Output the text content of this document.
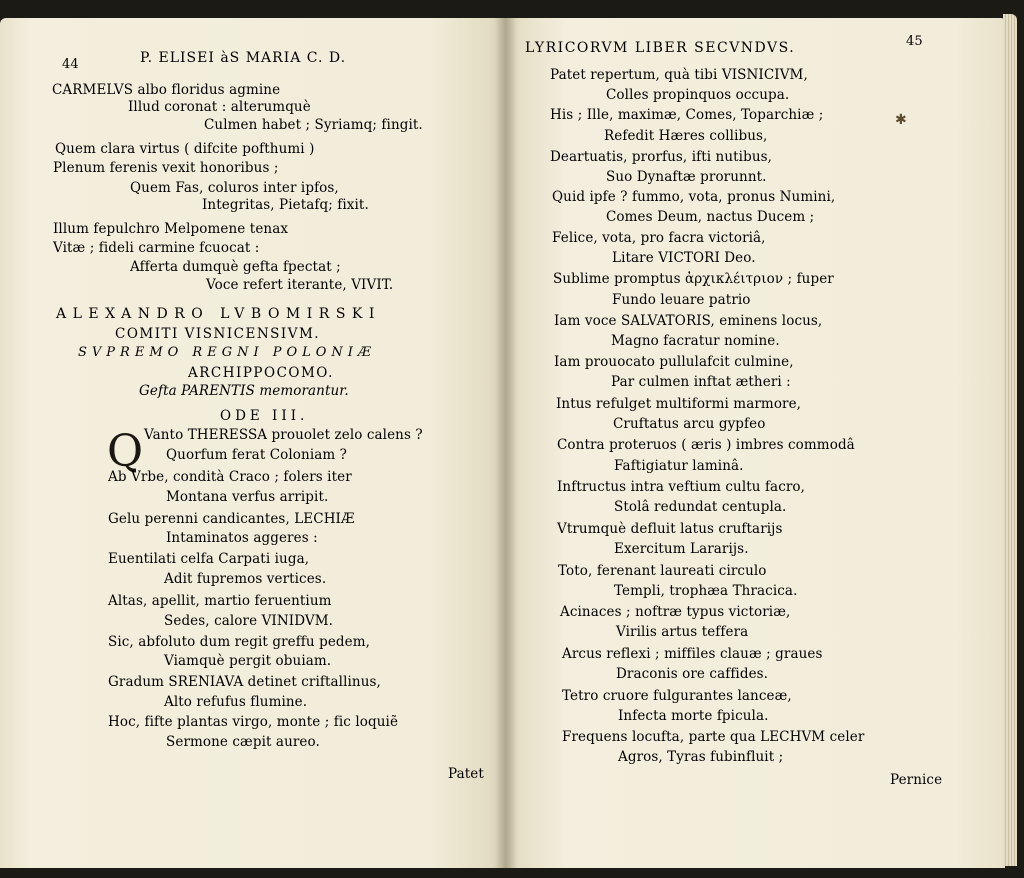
44	P. ELISEI àS MARIA C. D.
CARMELVS albo floridus agmine
Illud coronat : alterumquè
Culmen habet ; Syriamq; fingit.
Quem clara virtus ( difcite pofthumi )
Plenum ferenis vexit honoribus ;
Quem Fas, coluros inter ipfos,
Integritas, Pietafq; fixit.
Illum fepulchro Melpomene tenax
Vitæ ; fideli carmine fcuocat :
Afferta dumquè gefta fpectat ;
Voce refert iterante, VIVIT.
ALEXANDRO LVBOMIRSKI
COMITI VISNICENSIVM.
SVPREMO REGNI POLONIÆ
ARCHIPPOCOMO.
Gefta PARENTIS memorantur.
ODE III.
Q Vanto THERESSA prouolet zelo calens ?
Quorfum ferat Coloniam ?
Ab Vrbe, condità Craco ; folers iter
Montana verfus arripit.
Gelu perenni candicantes, LECHIÆ
Intaminatos aggeres :
Euentilati celfa Carpati iuga,
Adit fupremos vertices.
Altas, apellit, martio feruentium
Sedes, calore VINIDVM.
Sic, abfoluto dum regit greffu pedem,
Viamquè pergit obuiam.
Gradum SRENIAVA detinet criftallinus,
Alto refufus flumine.
Hoc, fifte plantas virgo, monte ; fic loquiẽ
Sermone cæpit aureo.
Patet
LYRICORVM LIBER SECVNDVS.	45
✱
Patet repertum, quà tibi VISNICIVM,
Colles propinquos occupa.
His ; Ille, maximæ, Comes, Toparchiæ ;
Refedit Hæres collibus,
Deartuatis, prorfus, ifti nutibus,
Suo Dynaftæ prorunnt.
Quid ipfe ? fummo, vota, pronus Numini,
Comes Deum, nactus Ducem ;
Felice, vota, pro facra victoriâ,
Litare VICTORI Deo.
Sublime promptus ἀρχικλέιτριον ; fuper
Fundo leuare patrio
Iam voce SALVATORIS, eminens locus,
Magno facratur nomine.
Iam prouocato pullulafcit culmine,
Par culmen inftat ætheri :
Intus refulget multiformi marmore,
Cruftatus arcu gypfeo
Contra proteruos ( æris ) imbres commodâ
Faftigiatur laminâ.
Inftructus intra veftium cultu facro,
Stolâ redundat centupla.
Vtrumquè defluit latus cruftarijs
Exercitum Lararijs.
Toto, ferenant laureati circulo
Templi, trophæa Thracica.
Acinaces ; noftræ typus victoriæ,
Virilis artus teffera
Arcus reflexi ; miffiles clauæ ; graues
Draconis ore caffides.
Tetro cruore fulgurantes lanceæ,
Infecta morte fpicula.
Frequens locufta, parte qua LECHVM celer
Agros, Tyras fubinfluit ;
Pernice
